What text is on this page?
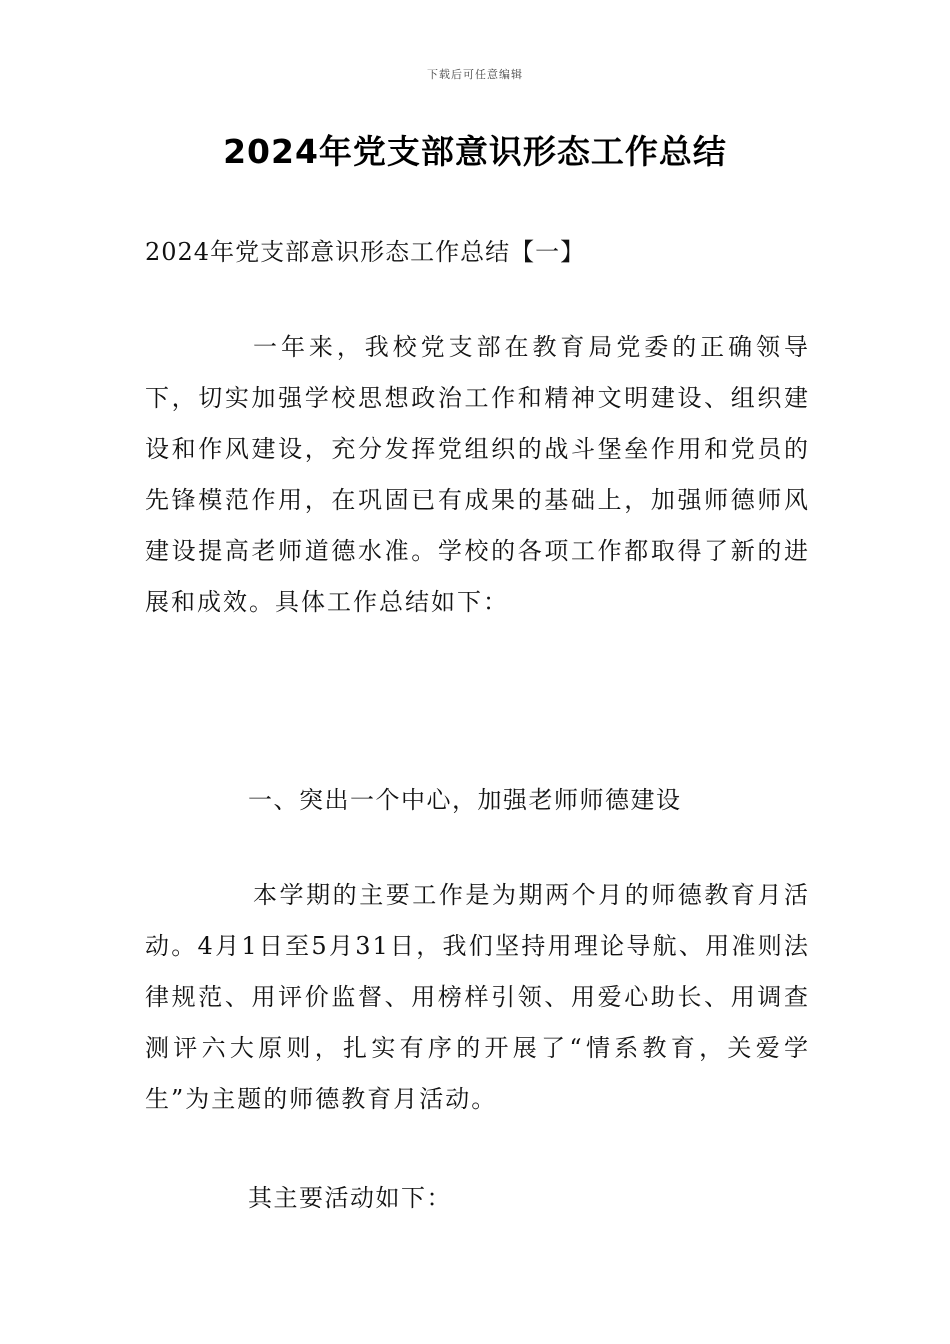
下载后可任意编辑
2024年党支部意识形态工作总结

2024年党支部意识形态工作总结【一】

一年来，我校党支部在教育局党委的正确领导下，切实加强学校思想政治工作和精神文明建设、组织建设和作风建设，充分发挥党组织的战斗堡垒作用和党员的先锋模范作用，在巩固已有成果的基础上，加强师德师风建设提高老师道德水准。学校的各项工作都取得了新的进展和成效。具体工作总结如下：

一、突出一个中心，加强老师师德建设

本学期的主要工作是为期两个月的师德教育月活动。4月1日至5月31日，我们坚持用理论导航、用准则法律规范、用评价监督、用榜样引领、用爱心助长、用调查测评六大原则，扎实有序的开展了“情系教育，关爱学生”为主题的师德教育月活动。

其主要活动如下：
